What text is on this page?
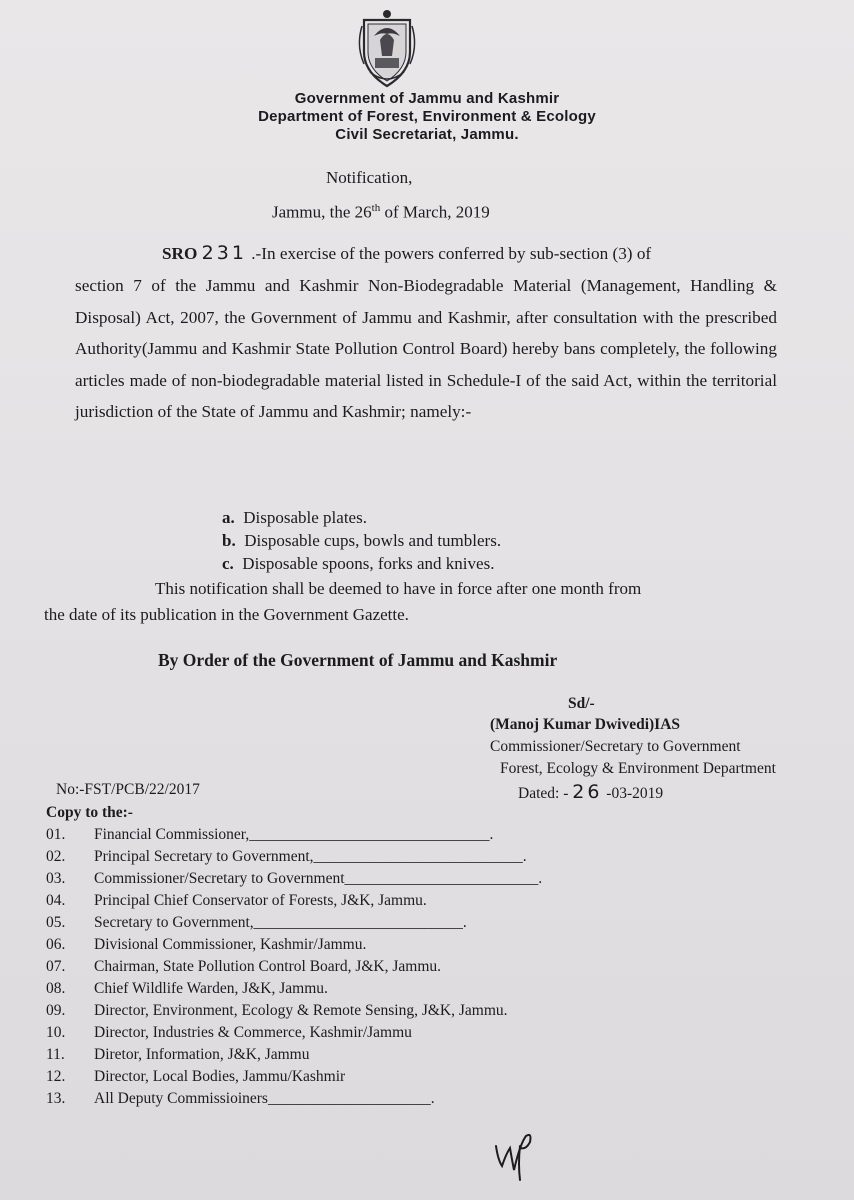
Government of Jammu and Kashmir
Department of Forest, Environment & Ecology
Civil Secretariat, Jammu.
Notification,
Jammu, the 26th of March, 2019
SRO 231 .-In exercise of the powers conferred by sub-section (3) of
section 7 of the Jammu and Kashmir Non-Biodegradable Material (Management, Handling & Disposal) Act, 2007, the Government of Jammu and Kashmir, after consultation with the prescribed Authority(Jammu and Kashmir State Pollution Control Board) hereby bans completely, the following articles made of non-biodegradable material listed in Schedule-I of the said Act, within the territorial jurisdiction of the State of Jammu and Kashmir; namely:-
a. Disposable plates.
b. Disposable cups, bowls and tumblers.
c. Disposable spoons, forks and knives.
This notification shall be deemed to have in force after one month from
the date of its publication in the Government Gazette.
By Order of the Government of Jammu and Kashmir
Sd/-
(Manoj Kumar Dwivedi)IAS
Commissioner/Secretary to Government
Forest, Ecology & Environment Department
Dated: - 26 -03-2019
No:-FST/PCB/22/2017
Copy to the:-
01. Financial Commissioner,_______________________________.
02. Principal Secretary to Government,___________________________.
03. Commissioner/Secretary to Government_________________________.
04. Principal Chief Conservator of Forests, J&K, Jammu.
05. Secretary to Government,___________________________.
06. Divisional Commissioner, Kashmir/Jammu.
07. Chairman, State Pollution Control Board, J&K, Jammu.
08. Chief Wildlife Warden, J&K, Jammu.
09. Director, Environment, Ecology & Remote Sensing, J&K, Jammu.
10. Director, Industries & Commerce, Kashmir/Jammu
11. Diretor, Information, J&K, Jammu
12. Director, Local Bodies, Jammu/Kashmir
13. All Deputy Commissioiners_____________________.
